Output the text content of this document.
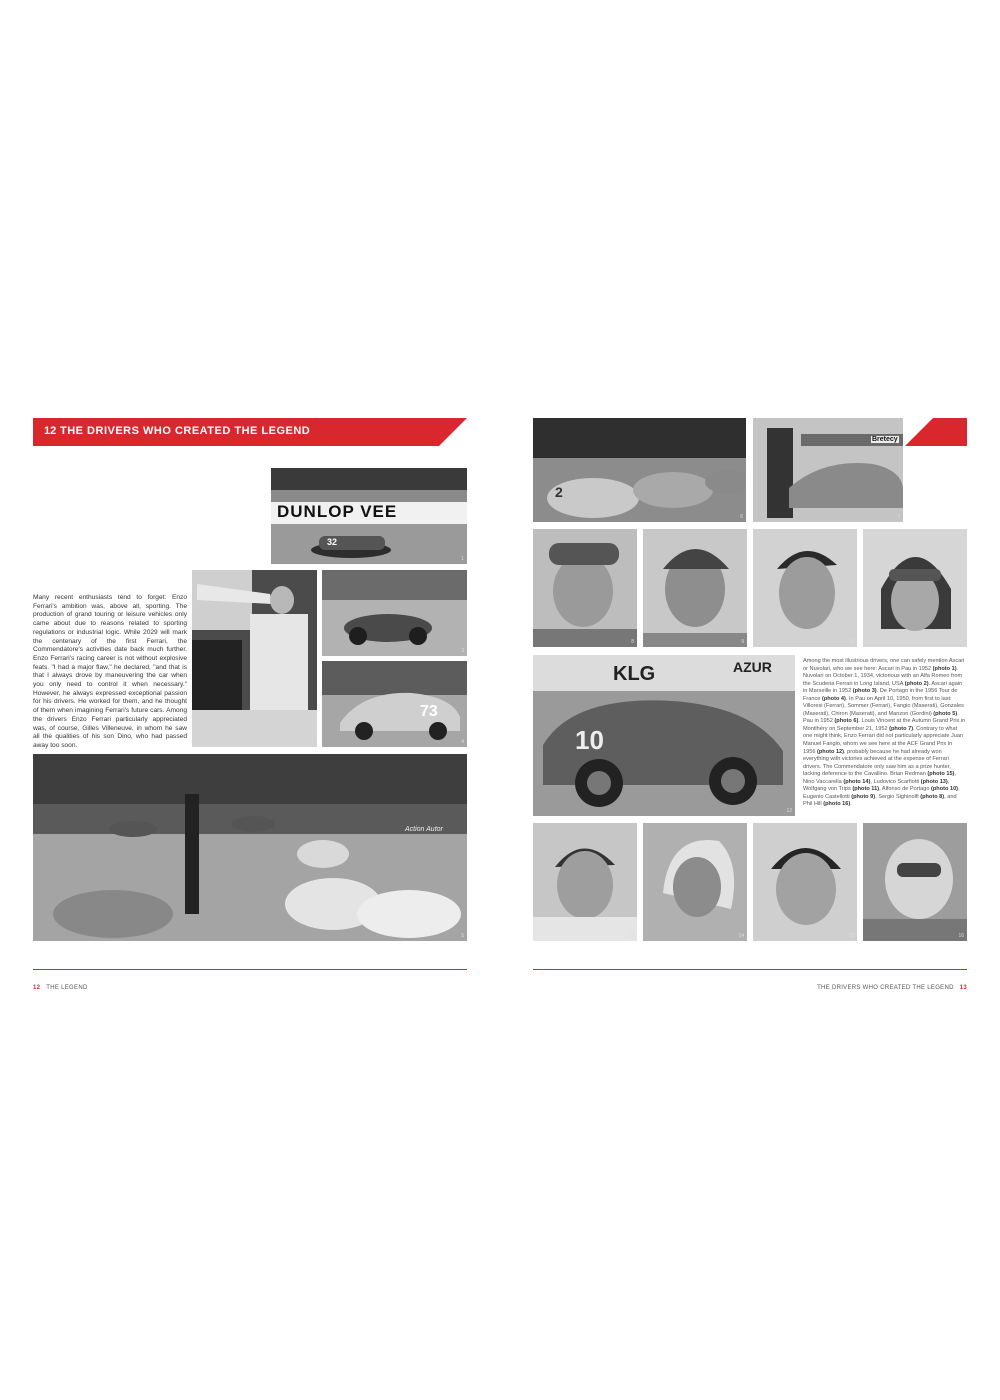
12 THE DRIVERS WHO CREATED THE LEGEND
Many recent enthusiasts tend to forget: Enzo Ferrari's ambition was, above all, sporting. The production of grand touring or leisure vehicles only came about due to reasons related to sporting regulations or industrial logic. While 2029 will mark the centenary of the first Ferrari, the Commendatore's activities date back much further. Enzo Ferrari's racing career is not without explosive feats. "I had a major flaw," he declared, "and that is that I always drove by maneuvering the car when you only need to control it when necessary." However, he always expressed exceptional passion for his drivers. He worked for them, and he thought of them when imagining Ferrari's future cars. Among the drivers Enzo Ferrari particularly appreciated was, of course, Gilles Villeneuve, in whom he saw all the qualities of his son Dino, who had passed away too soon.
DUNLOP VEE
32
1
2
3
73
4
Action Autor
5
12 THE LEGEND
2
6
Bretecy
7
8	9	10	11
KLG	AZUR
10
12
Among the most illustrious drivers, one can safely mention Ascari or Nuvolari, who we see here: Ascari in Pau in 1952 (photo 1). Nuvolari on October 1, 1934, victorious with an Alfa Romeo from the Scuderia Ferrari in Long Island, USA (photo 2). Ascari again in Marseille in 1952 (photo 3). De Portago in the 1956 Tour de France (photo 4). In Pau on April 10, 1950, from first to last: Villoresi (Ferrari), Sommer (Ferrari), Fangio (Maserati), Gonzales (Maserati), Chiron (Maserati), and Manzon (Gordini) (photo 5). Pau in 1952 (photo 6). Louis Vincent at the Autumn Grand Prix in Montlhéry on September 21, 1952 (photo 7). Contrary to what one might think, Enzo Ferrari did not particularly appreciate Juan Manuel Fangio, whom we see here at the ACF Grand Prix in 1956 (photo 12), probably because he had already won everything with victories achieved at the expense of Ferrari drivers. The Commendatore only saw him as a prize hunter, lacking deference to the Cavallino. Brian Redman (photo 15), Nino Vaccarella (photo 14), Ludovico Scarfiotti (photo 13), Wolfgang von Trips (photo 11), Alfonso de Portago (photo 10), Eugenio Castellotti (photo 9), Sergio Sighinolfi (photo 8), and Phil Hill (photo 16).
13	14	15	16
THE DRIVERS WHO CREATED THE LEGEND 13
